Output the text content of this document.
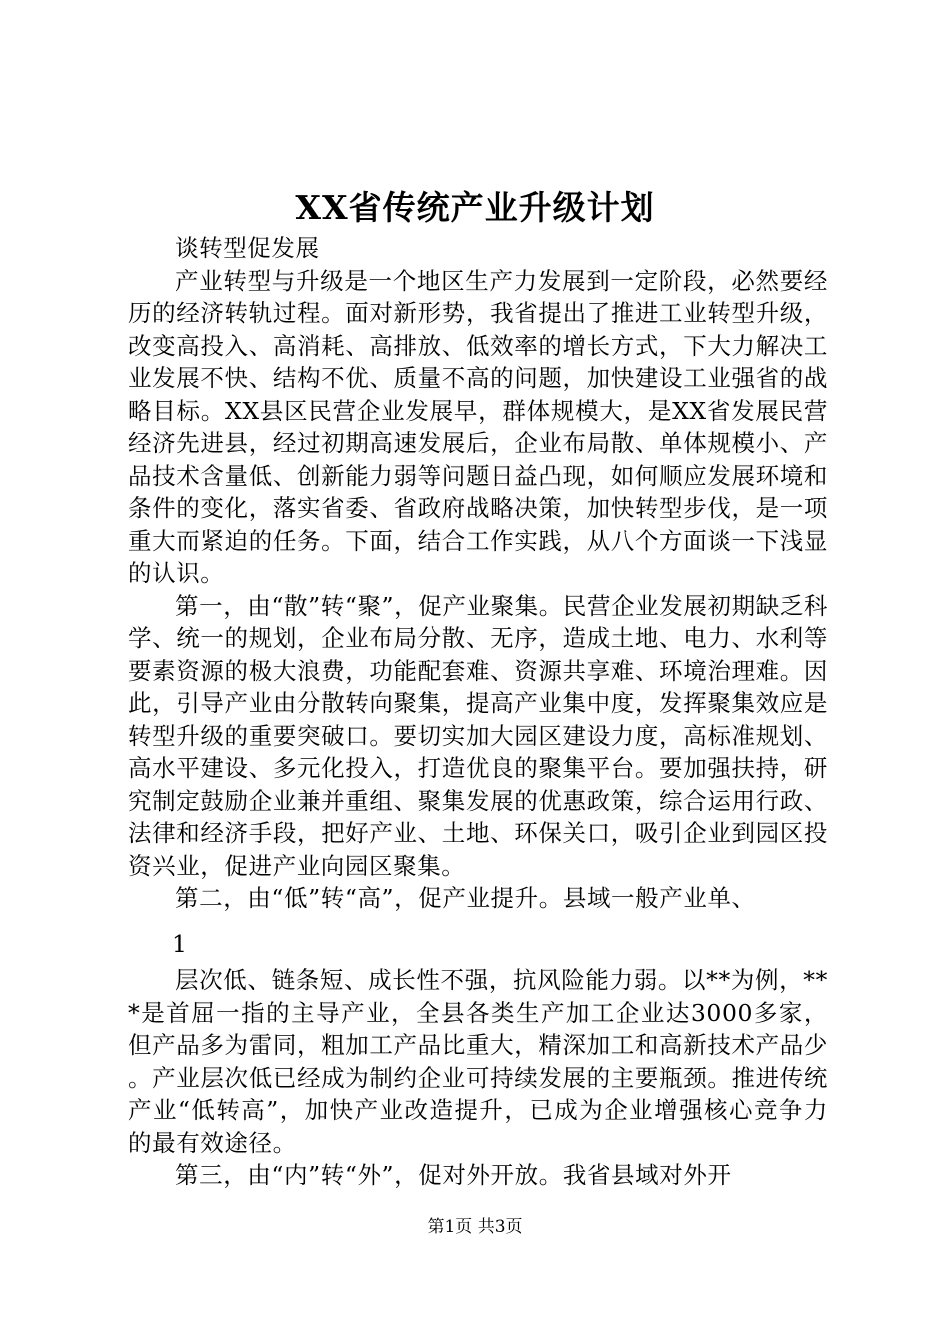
XX省传统产业升级计划

谈转型促发展

产业转型与升级是一个地区生产力发展到一定阶段，必然要经历的经济转轨过程。面对新形势，我省提出了推进工业转型升级，改变高投入、高消耗、高排放、低效率的增长方式，下大力解决工业发展不快、结构不优、质量不高的问题，加快建设工业强省的战略目标。XX县区民营企业发展早，群体规模大，是XX省发展民营经济先进县，经过初期高速发展后，企业布局散、单体规模小、产品技术含量低、创新能力弱等问题日益凸现，如何顺应发展环境和条件的变化，落实省委、省政府战略决策，加快转型步伐，是一项重大而紧迫的任务。下面，结合工作实践，从八个方面谈一下浅显的认识。

第一，由“散”转“聚”，促产业聚集。民营企业发展初期缺乏科学、统一的规划，企业布局分散、无序，造成土地、电力、水利等要素资源的极大浪费，功能配套难、资源共享难、环境治理难。因此，引导产业由分散转向聚集，提高产业集中度，发挥聚集效应是转型升级的重要突破口。要切实加大园区建设力度，高标准规划、高水平建设、多元化投入，打造优良的聚集平台。要加强扶持，研究制定鼓励企业兼并重组、聚集发展的优惠政策，综合运用行政、法律和经济手段，把好产业、土地、环保关口，吸引企业到园区投资兴业，促进产业向园区聚集。

第二，由“低”转“高”，促产业提升。县域一般产业单、

1

层次低、链条短、成长性不强，抗风险能力弱。以**为例，***是首屈一指的主导产业，全县各类生产加工企业达3000多家，但产品多为雷同，粗加工产品比重大，精深加工和高新技术产品少。产业层次低已经成为制约企业可持续发展的主要瓶颈。推进传统产业“低转高”，加快产业改造提升，已成为企业增强核心竞争力的最有效途径。

第三，由“内”转“外”，促对外开放。我省县域对外开

第1页 共3页
